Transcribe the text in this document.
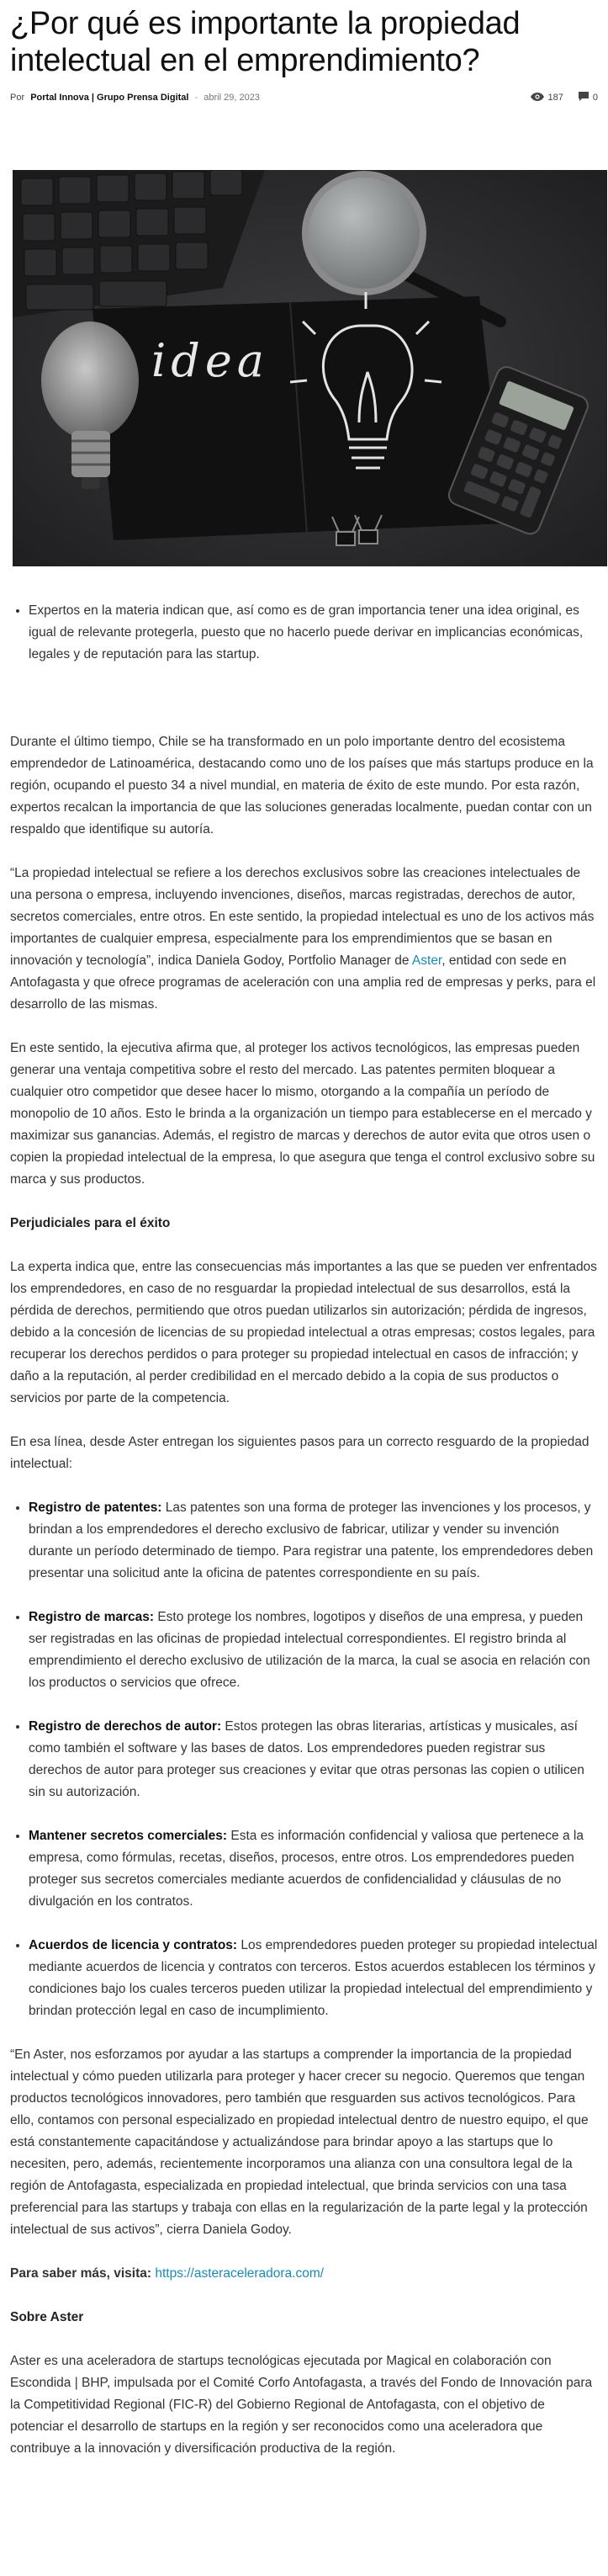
¿Por qué es importante la propiedad intelectual en el emprendimiento?
Por Portal Innova | Grupo Prensa Digital - abril 29, 2023	187	0
idea
• Expertos en la materia indican que, así como es de gran importancia tener una idea original, es igual de relevante protegerla, puesto que no hacerlo puede derivar en implicancias económicas, legales y de reputación para las startup.

Durante el último tiempo, Chile se ha transformado en un polo importante dentro del ecosistema emprendedor de Latinoamérica, destacando como uno de los países que más startups produce en la región, ocupando el puesto 34 a nivel mundial, en materia de éxito de este mundo. Por esta razón, expertos recalcan la importancia de que las soluciones generadas localmente, puedan contar con un respaldo que identifique su autoría.

“La propiedad intelectual se refiere a los derechos exclusivos sobre las creaciones intelectuales de una persona o empresa, incluyendo invenciones, diseños, marcas registradas, derechos de autor, secretos comerciales, entre otros. En este sentido, la propiedad intelectual es uno de los activos más importantes de cualquier empresa, especialmente para los emprendimientos que se basan en innovación y tecnología”, indica Daniela Godoy, Portfolio Manager de Aster, entidad con sede en Antofagasta y que ofrece programas de aceleración con una amplia red de empresas y perks, para el desarrollo de las mismas.

En este sentido, la ejecutiva afirma que, al proteger los activos tecnológicos, las empresas pueden generar una ventaja competitiva sobre el resto del mercado. Las patentes permiten bloquear a cualquier otro competidor que desee hacer lo mismo, otorgando a la compañía un período de monopolio de 10 años. Esto le brinda a la organización un tiempo para establecerse en el mercado y maximizar sus ganancias. Además, el registro de marcas y derechos de autor evita que otros usen o copien la propiedad intelectual de la empresa, lo que asegura que tenga el control exclusivo sobre su marca y sus productos.

Perjudiciales para el éxito

La experta indica que, entre las consecuencias más importantes a las que se pueden ver enfrentados los emprendedores, en caso de no resguardar la propiedad intelectual de sus desarrollos, está la pérdida de derechos, permitiendo que otros puedan utilizarlos sin autorización; pérdida de ingresos, debido a la concesión de licencias de su propiedad intelectual a otras empresas; costos legales, para recuperar los derechos perdidos o para proteger su propiedad intelectual en casos de infracción; y daño a la reputación, al perder credibilidad en el mercado debido a la copia de sus productos o servicios por parte de la competencia.

En esa línea, desde Aster entregan los siguientes pasos para un correcto resguardo de la propiedad intelectual:

• Registro de patentes: Las patentes son una forma de proteger las invenciones y los procesos, y brindan a los emprendedores el derecho exclusivo de fabricar, utilizar y vender su invención durante un período determinado de tiempo. Para registrar una patente, los emprendedores deben presentar una solicitud ante la oficina de patentes correspondiente en su país.
• Registro de marcas: Esto protege los nombres, logotipos y diseños de una empresa, y pueden ser registradas en las oficinas de propiedad intelectual correspondientes. El registro brinda al emprendimiento el derecho exclusivo de utilización de la marca, la cual se asocia en relación con los productos o servicios que ofrece.
• Registro de derechos de autor: Estos protegen las obras literarias, artísticas y musicales, así como también el software y las bases de datos. Los emprendedores pueden registrar sus derechos de autor para proteger sus creaciones y evitar que otras personas las copien o utilicen sin su autorización.
• Mantener secretos comerciales: Esta es información confidencial y valiosa que pertenece a la empresa, como fórmulas, recetas, diseños, procesos, entre otros. Los emprendedores pueden proteger sus secretos comerciales mediante acuerdos de confidencialidad y cláusulas de no divulgación en los contratos.
• Acuerdos de licencia y contratos: Los emprendedores pueden proteger su propiedad intelectual mediante acuerdos de licencia y contratos con terceros. Estos acuerdos establecen los términos y condiciones bajo los cuales terceros pueden utilizar la propiedad intelectual del emprendimiento y brindan protección legal en caso de incumplimiento.

“En Aster, nos esforzamos por ayudar a las startups a comprender la importancia de la propiedad intelectual y cómo pueden utilizarla para proteger y hacer crecer su negocio. Queremos que tengan productos tecnológicos innovadores, pero también que resguarden sus activos tecnológicos. Para ello, contamos con personal especializado en propiedad intelectual dentro de nuestro equipo, el que está constantemente capacitándose y actualizándose para brindar apoyo a las startups que lo necesiten, pero, además, recientemente incorporamos una alianza con una consultora legal de la región de Antofagasta, especializada en propiedad intelectual, que brinda servicios con una tasa preferencial para las startups y trabaja con ellas en la regularización de la parte legal y la protección intelectual de sus activos”, cierra Daniela Godoy.

Para saber más, visita: https://asteraceleradora.com/

Sobre Aster

Aster es una aceleradora de startups tecnológicas ejecutada por Magical en colaboración con Escondida | BHP, impulsada por el Comité Corfo Antofagasta, a través del Fondo de Innovación para la Competitividad Regional (FIC-R) del Gobierno Regional de Antofagasta, con el objetivo de potenciar el desarrollo de startups en la región y ser reconocidos como una aceleradora que contribuye a la innovación y diversificación productiva de la región.
